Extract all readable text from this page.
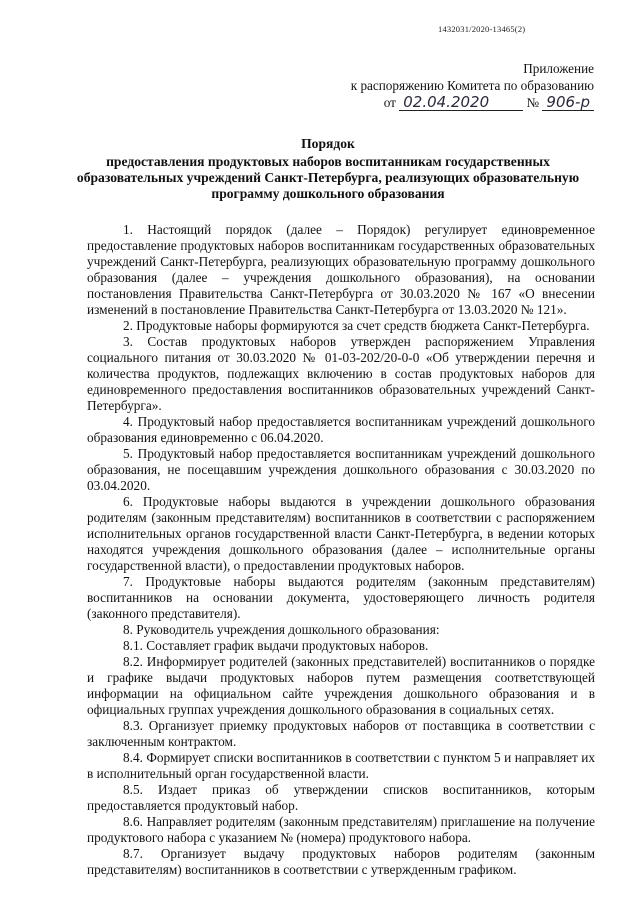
1432031/2020-13465(2)
Приложение
к распоряжению Комитета по образованию
от 02.04.2020	№ 906-р
Порядок
предоставления продуктовых наборов воспитанникам государственных образовательных учреждений Санкт-Петербурга, реализующих образовательную программу дошкольного образования

1. Настоящий порядок (далее – Порядок) регулирует единовременное предоставление продуктовых наборов воспитанникам государственных образовательных учреждений Санкт-Петербурга, реализующих образовательную программу дошкольного образования (далее – учреждения дошкольного образования), на основании постановления Правительства Санкт-Петербурга от 30.03.2020 № 167 «О внесении изменений в постановление Правительства Санкт-Петербурга от 13.03.2020 № 121».

2. Продуктовые наборы формируются за счет средств бюджета Санкт-Петербурга.

3. Состав продуктовых наборов утвержден распоряжением Управления социального питания от 30.03.2020 № 01-03-202/20-0-0 «Об утверждении перечня и количества продуктов, подлежащих включению в состав продуктовых наборов для единовременного предоставления воспитанников образовательных учреждений Санкт-Петербурга».

4. Продуктовый набор предоставляется воспитанникам учреждений дошкольного образования единовременно с 06.04.2020.

5. Продуктовый набор предоставляется воспитанникам учреждений дошкольного образования, не посещавшим учреждения дошкольного образования с 30.03.2020 по 03.04.2020.

6. Продуктовые наборы выдаются в учреждении дошкольного образования родителям (законным представителям) воспитанников в соответствии с распоряжением исполнительных органов государственной власти Санкт-Петербурга, в ведении которых находятся учреждения дошкольного образования (далее – исполнительные органы государственной власти), о предоставлении продуктовых наборов.

7. Продуктовые наборы выдаются родителям (законным представителям) воспитанников на основании документа, удостоверяющего личность родителя (законного представителя).

8. Руководитель учреждения дошкольного образования:

8.1. Составляет график выдачи продуктовых наборов.

8.2. Информирует родителей (законных представителей) воспитанников о порядке и графике выдачи продуктовых наборов путем размещения соответствующей информации на официальном сайте учреждения дошкольного образования и в официальных группах учреждения дошкольного образования в социальных сетях.

8.3. Организует приемку продуктовых наборов от поставщика в соответствии с заключенным контрактом.

8.4. Формирует списки воспитанников в соответствии с пунктом 5 и направляет их в исполнительный орган государственной власти.

8.5. Издает приказ об утверждении списков воспитанников, которым предоставляется продуктовый набор.

8.6. Направляет родителям (законным представителям) приглашение на получение продуктового набора с указанием № (номера) продуктового набора.

8.7. Организует выдачу продуктовых наборов родителям (законным представителям) воспитанников в соответствии с утвержденным графиком.
